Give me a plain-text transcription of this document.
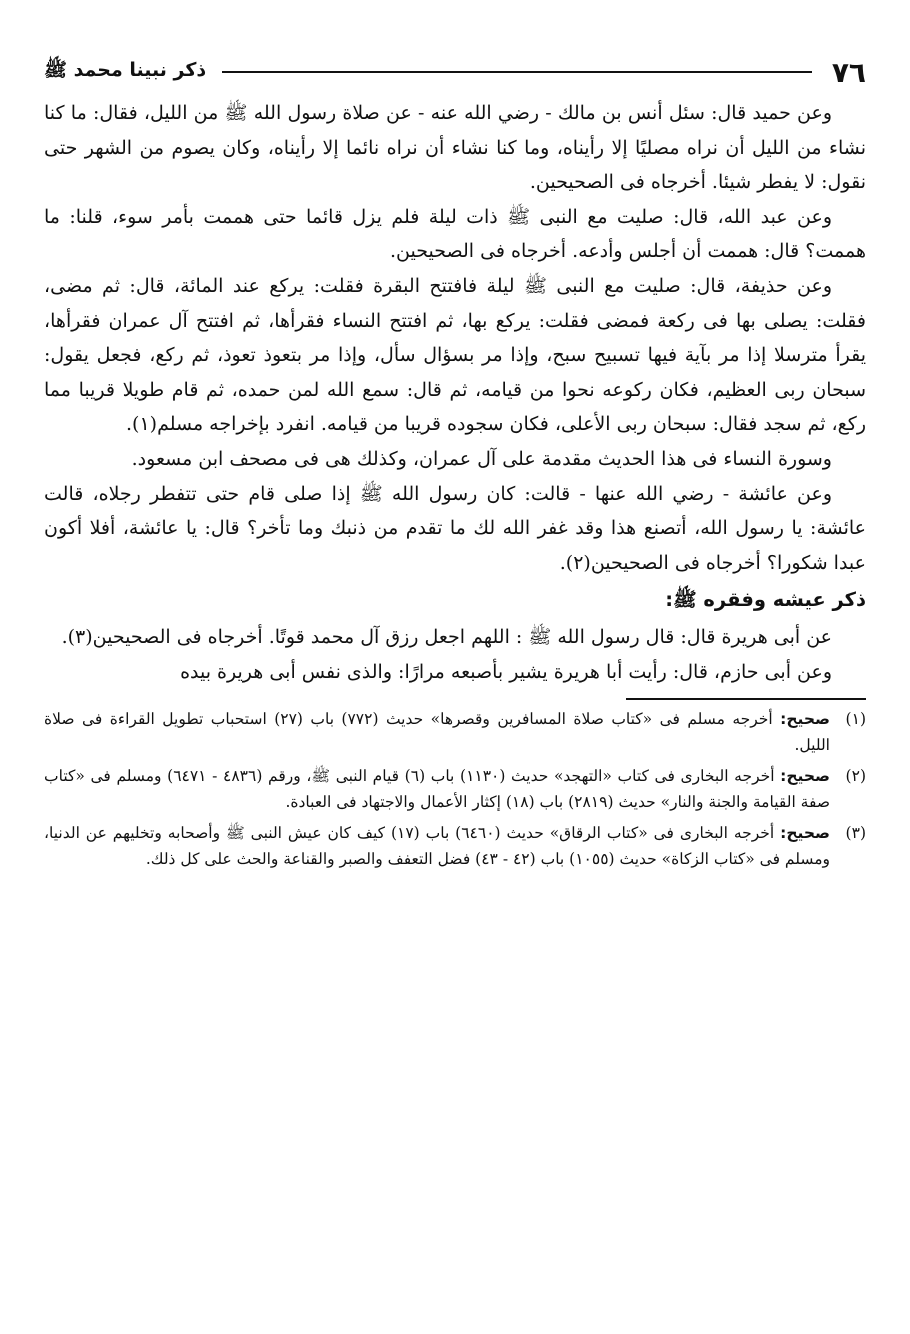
٧٦
ذكر نبينا محمد ﷺ

وعن حميد قال: سئل أنس بن مالك - رضي الله عنه - عن صلاة رسول الله ﷺ من الليل، فقال: ما كنا نشاء من الليل أن نراه مصليًا إلا رأيناه، وما كنا نشاء أن نراه نائما إلا رأيناه، وكان يصوم من الشهر حتى نقول: لا يفطر شيئا. أخرجاه فى الصحيحين.

وعن عبد الله، قال: صليت مع النبى ﷺ ذات ليلة فلم يزل قائما حتى هممت بأمر سوء، قلنا: ما هممت؟ قال: هممت أن أجلس وأدعه. أخرجاه فى الصحيحين.

وعن حذيفة، قال: صليت مع النبى ﷺ ليلة فافتتح البقرة فقلت: يركع عند المائة، قال: ثم مضى، فقلت: يصلى بها فى ركعة فمضى فقلت: يركع بها، ثم افتتح النساء فقرأها، ثم افتتح آل عمران فقرأها، يقرأ مترسلا إذا مر بآية فيها تسبيح سبح، وإذا مر بسؤال سأل، وإذا مر بتعوذ تعوذ، ثم ركع، فجعل يقول: سبحان ربى العظيم، فكان ركوعه نحوا من قيامه، ثم قال: سمع الله لمن حمده، ثم قام طويلا قريبا مما ركع، ثم سجد فقال: سبحان ربى الأعلى، فكان سجوده قريبا من قيامه. انفرد بإخراجه مسلم(١).

وسورة النساء فى هذا الحديث مقدمة على آل عمران، وكذلك هى فى مصحف ابن مسعود.

وعن عائشة - رضي الله عنها - قالت: كان رسول الله ﷺ إذا صلى قام حتى تتفطر رجلاه، قالت عائشة: يا رسول الله، أتصنع هذا وقد غفر الله لك ما تقدم من ذنبك وما تأخر؟ قال: يا عائشة، أفلا أكون عبدا شكورا؟ أخرجاه فى الصحيحين(٢).

ذكر عيشه وفقره ﷺ:

عن أبى هريرة قال: قال رسول الله ﷺ : اللهم اجعل رزق آل محمد قوتًا. أخرجاه فى الصحيحين(٣).

وعن أبى حازم، قال: رأيت أبا هريرة يشير بأصبعه مرارًا: والذى نفس أبى هريرة بيده

(١)
صحيح: أخرجه مسلم فى «كتاب صلاة المسافرين وقصرها» حديث (٧٧٢) باب (٢٧) استحباب تطويل القراءة فى صلاة الليل.
(٢)
صحيح: أخرجه البخارى فى كتاب «التهجد» حديث (١١٣٠) باب (٦) قيام النبى ﷺ، ورقم (٤٨٣٦ - ٦٤٧١) ومسلم فى «كتاب صفة القيامة والجنة والنار» حديث (٢٨١٩) باب (١٨) إكثار الأعمال والاجتهاد فى العبادة.
(٣)
صحيح: أخرجه البخارى فى «كتاب الرقاق» حديث (٦٤٦٠) باب (١٧) كيف كان عيش النبى ﷺ وأصحابه وتخليهم عن الدنيا، ومسلم فى «كتاب الزكاة» حديث (١٠٥٥) باب (٤٢ - ٤٣) فضل التعفف والصبر والقناعة والحث على كل ذلك.
